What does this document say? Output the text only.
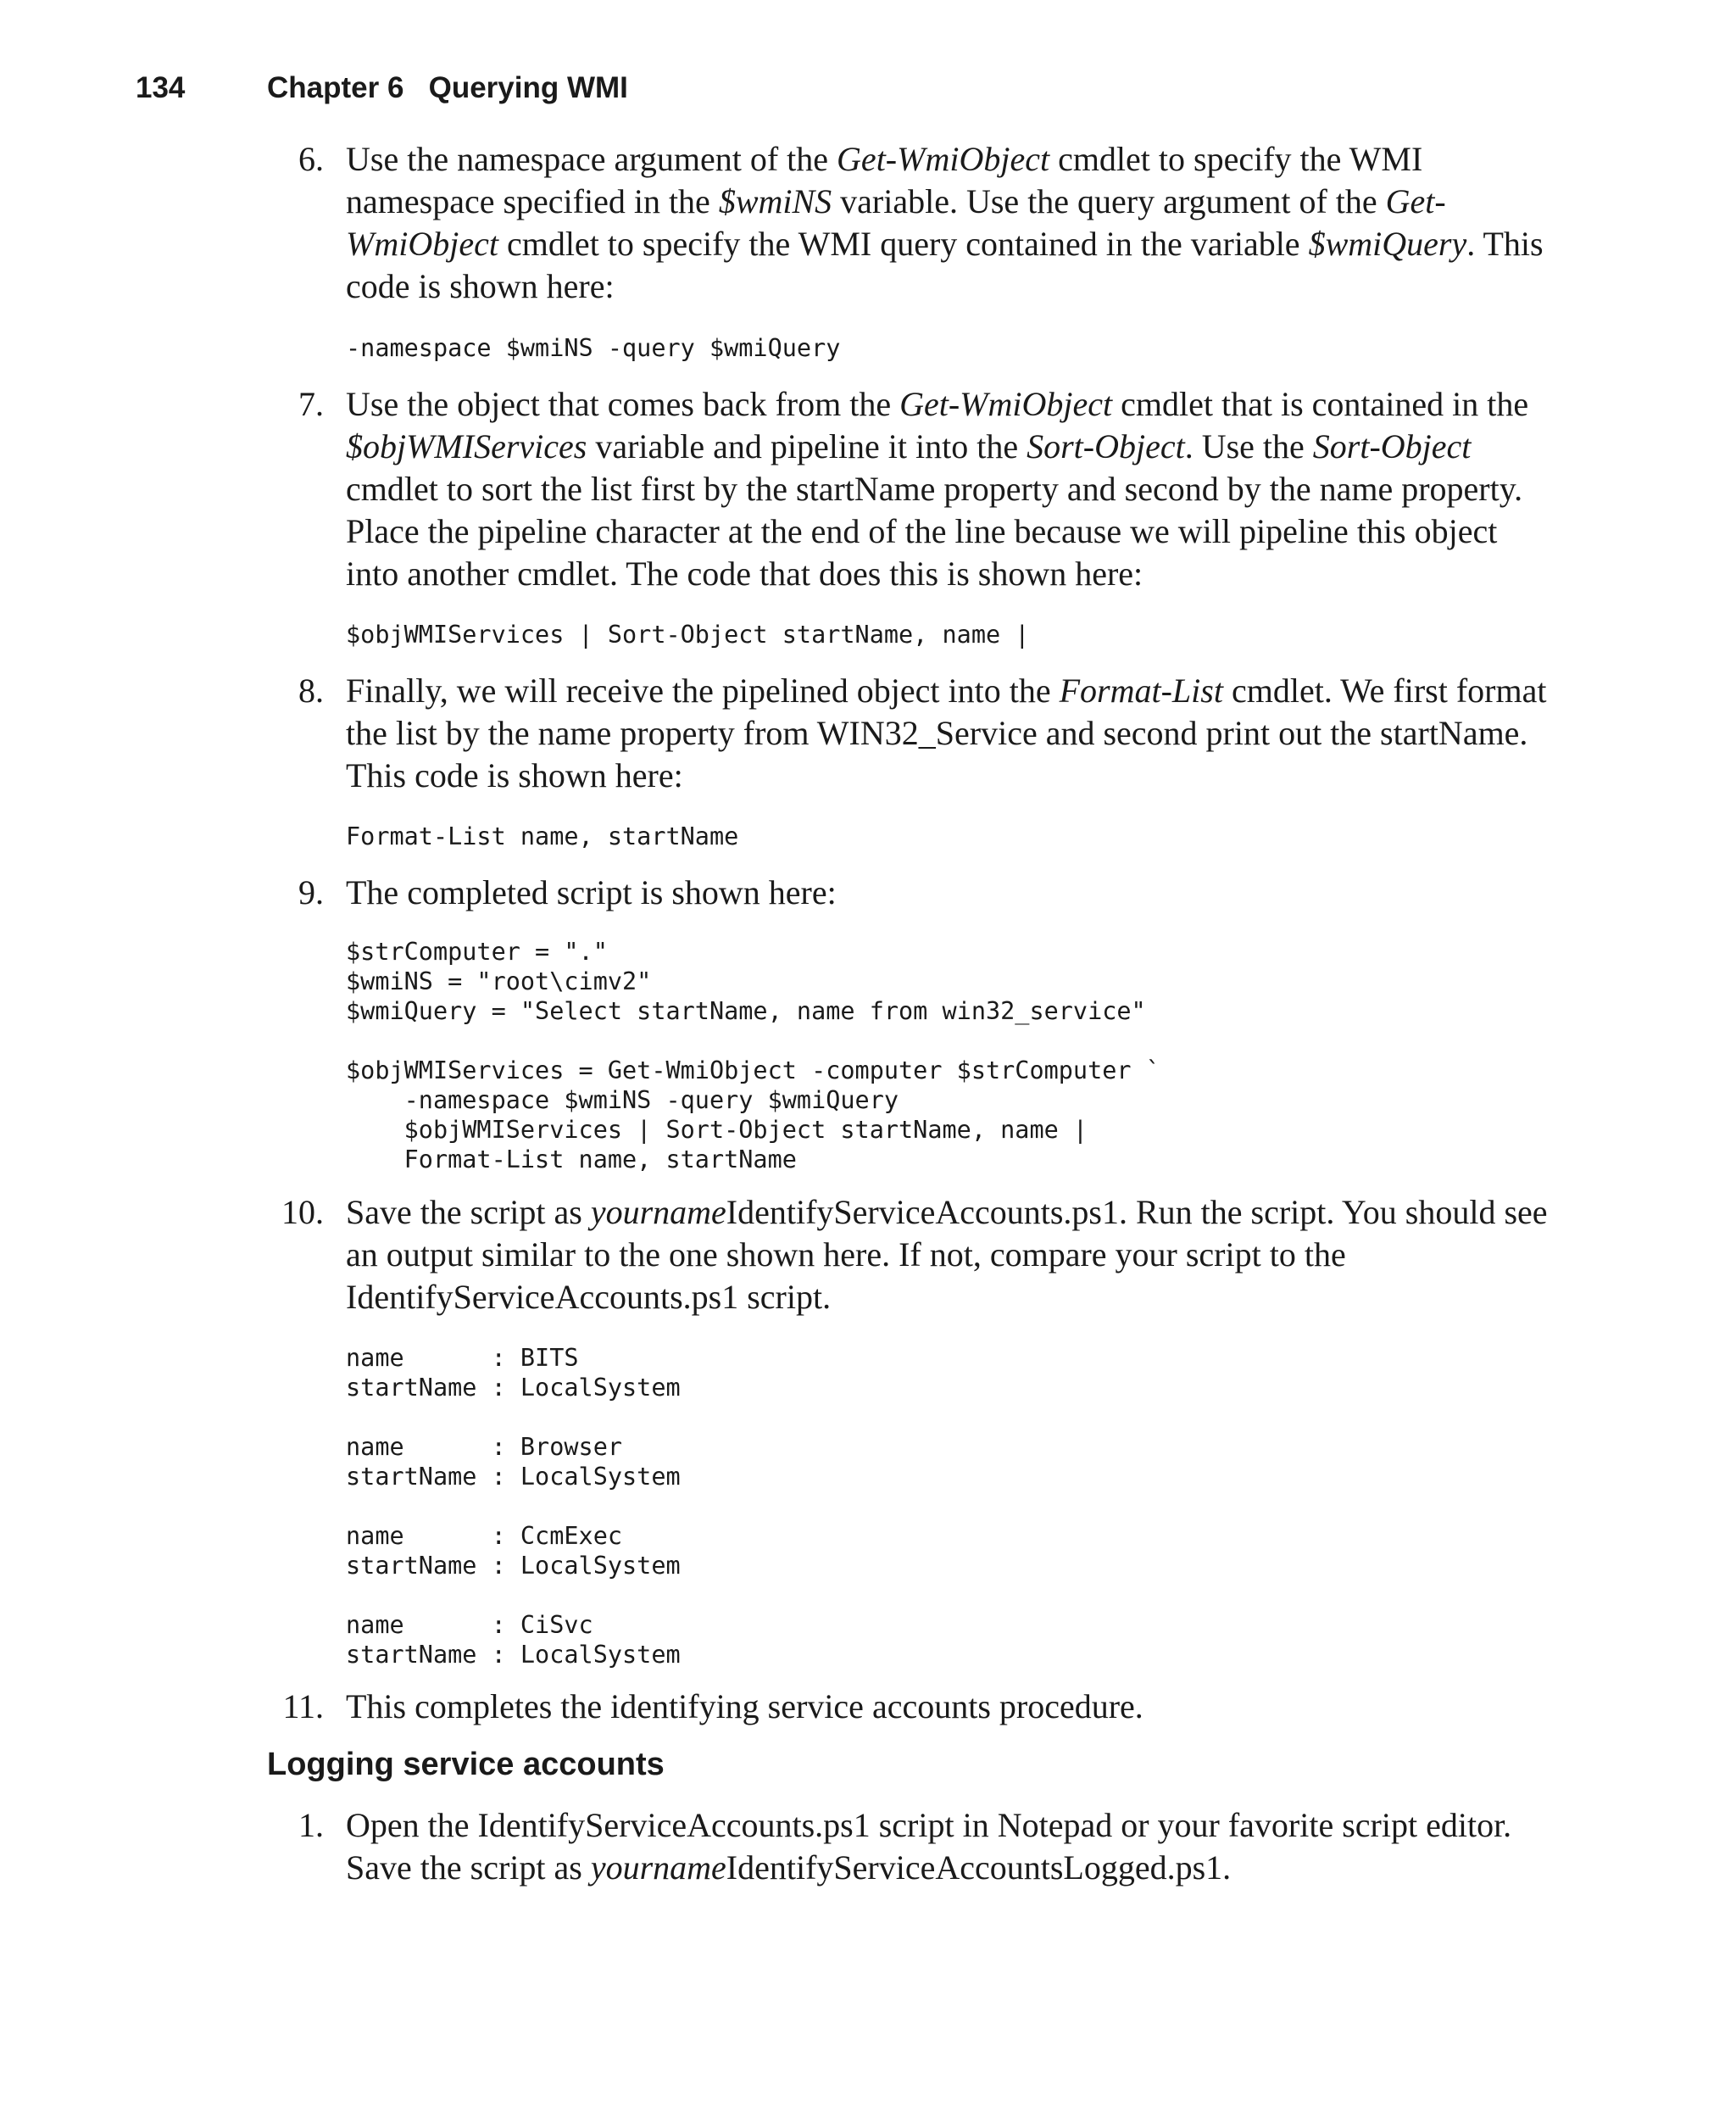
134	Chapter 6   Querying WMI
6. Use the namespace argument of the Get-WmiObject cmdlet to specify the WMI namespace specified in the $wmiNS variable. Use the query argument of the Get-WmiObject cmdlet to specify the WMI query contained in the variable $wmiQuery. This code is shown here:

-namespace $wmiNS -query $wmiQuery
7. Use the object that comes back from the Get-WmiObject cmdlet that is contained in the $objWMIServices variable and pipeline it into the Sort-Object. Use the Sort-Object cmdlet to sort the list first by the startName property and second by the name property. Place the pipeline character at the end of the line because we will pipeline this object into another cmdlet. The code that does this is shown here:

$objWMIServices | Sort-Object startName, name |
8. Finally, we will receive the pipelined object into the Format-List cmdlet. We first format the list by the name property from WIN32_Service and second print out the startName. This code is shown here:

Format-List name, startName
9. The completed script is shown here:

$strComputer = "."
$wmiNS = "root\cimv2"
$wmiQuery = "Select startName, name from win32_service"

$objWMIServices = Get-WmiObject -computer $strComputer `
-namespace $wmiNS -query $wmiQuery
$objWMIServices | Sort-Object startName, name |
Format-List name, startName
10. Save the script as yournameIdentifyServiceAccounts.ps1. Run the script. You should see an output similar to the one shown here. If not, compare your script to the IdentifyServiceAccounts.ps1 script.

name      : BITS
startName : LocalSystem

name      : Browser
startName : LocalSystem

name      : CcmExec
startName : LocalSystem

name      : CiSvc
startName : LocalSystem
11. This completes the identifying service accounts procedure.

Logging service accounts
1. Open the IdentifyServiceAccounts.ps1 script in Notepad or your favorite script editor. Save the script as yournameIdentifyServiceAccountsLogged.ps1.
